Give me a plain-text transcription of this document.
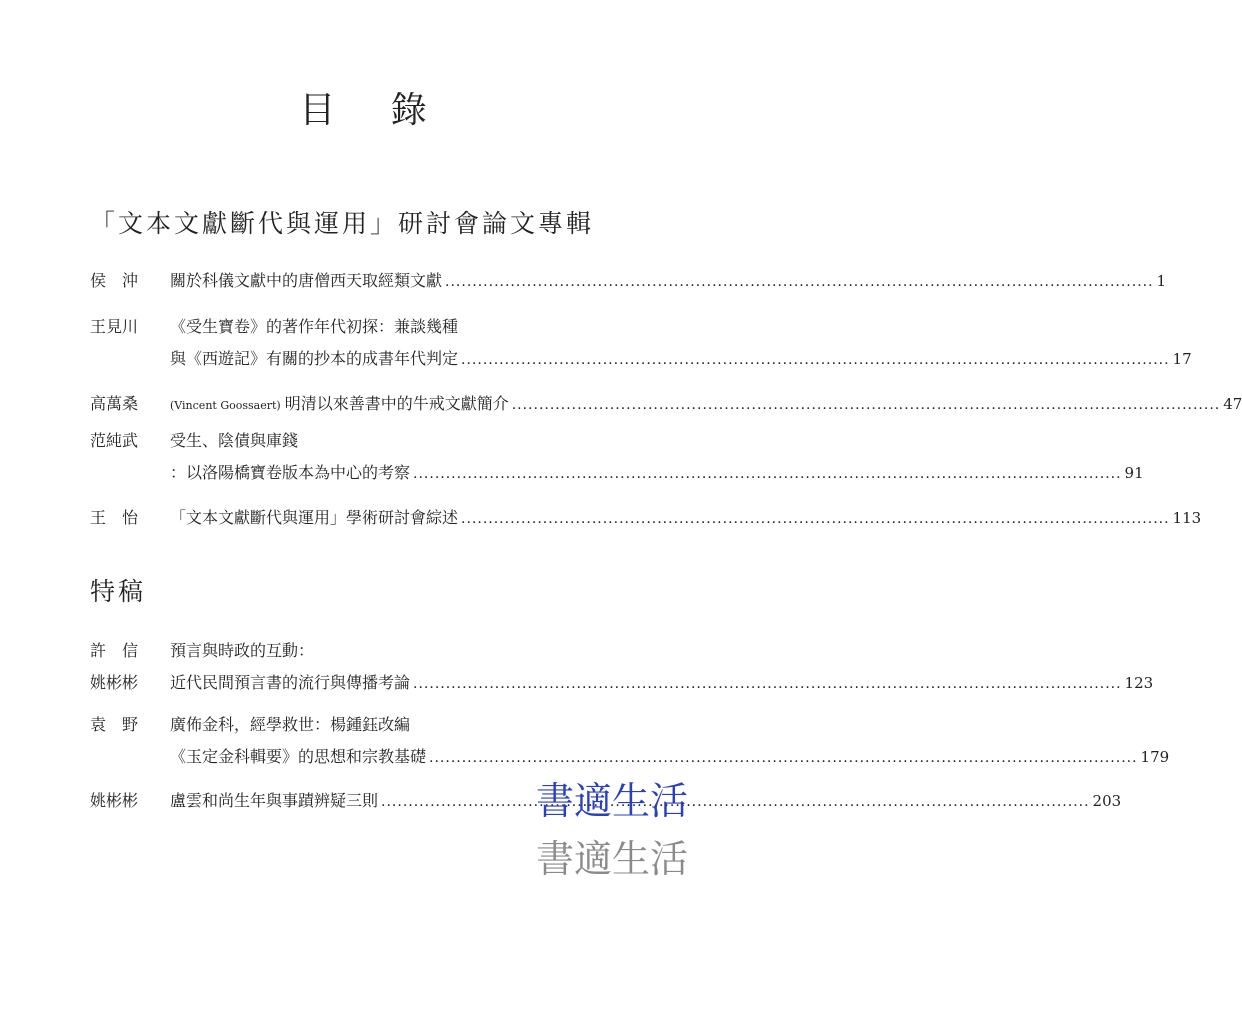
目 錄
「文本文獻斷代與運用」研討會論文專輯
侯　沖	關於科儀文獻中的唐僧西天取經類文獻 .....	1
王見川	《受生寶卷》的著作年代初探：兼談幾種
與《西遊記》有關的抄本的成書年代判定 .....	17
高萬桑	(Vincent Goossaert) 明清以來善書中的牛戒文獻簡介 .....	47
范純武	受生、陰債與庫錢
：以洛陽橋寶卷版本為中心的考察 .....	91
王　怡	「文本文獻斷代與運用」學術研討會綜述 .....	113
特稿
許　信	預言與時政的互動：
姚彬彬	近代民間預言書的流行與傳播考論 .....	123
袁　野	廣佈金科，經學救世：楊鍾鈺改編
《玉定金科輯要》的思想和宗教基礎 .....	179
姚彬彬	盧雲和尚生年與事蹟辨疑三則 .....	203
書適生活
書適生活
